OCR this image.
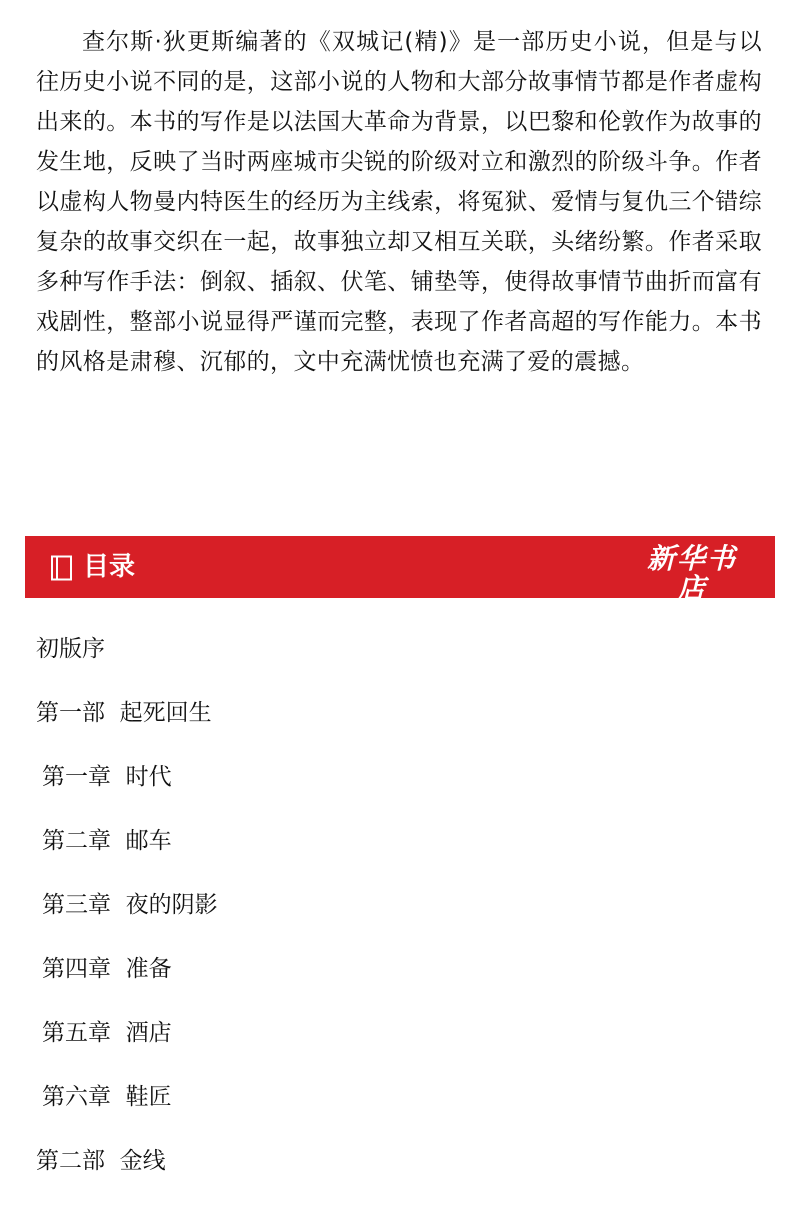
查尔斯·狄更斯编著的《双城记(精)》是一部历史小说，但是与以往历史小说不同的是，这部小说的人物和大部分故事情节都是作者虚构出来的。本书的写作是以法国大革命为背景，以巴黎和伦敦作为故事的发生地，反映了当时两座城市尖锐的阶级对立和激烈的阶级斗争。作者以虚构人物曼内特医生的经历为主线索，将冤狱、爱情与复仇三个错综复杂的故事交织在一起，故事独立却又相互关联，头绪纷繁。作者采取多种写作手法：倒叙、插叙、伏笔、铺垫等，使得故事情节曲折而富有戏剧性，整部小说显得严谨而完整，表现了作者高超的写作能力。本书的风格是肃穆、沉郁的，文中充满忧愤也充满了爱的震撼。
目录	新华书店
XINHUA BOOKSTORE
初版序
第一部  起死回生
第一章  时代
第二章  邮车
第三章  夜的阴影
第四章  准备
第五章  酒店
第六章  鞋匠
第二部  金线
